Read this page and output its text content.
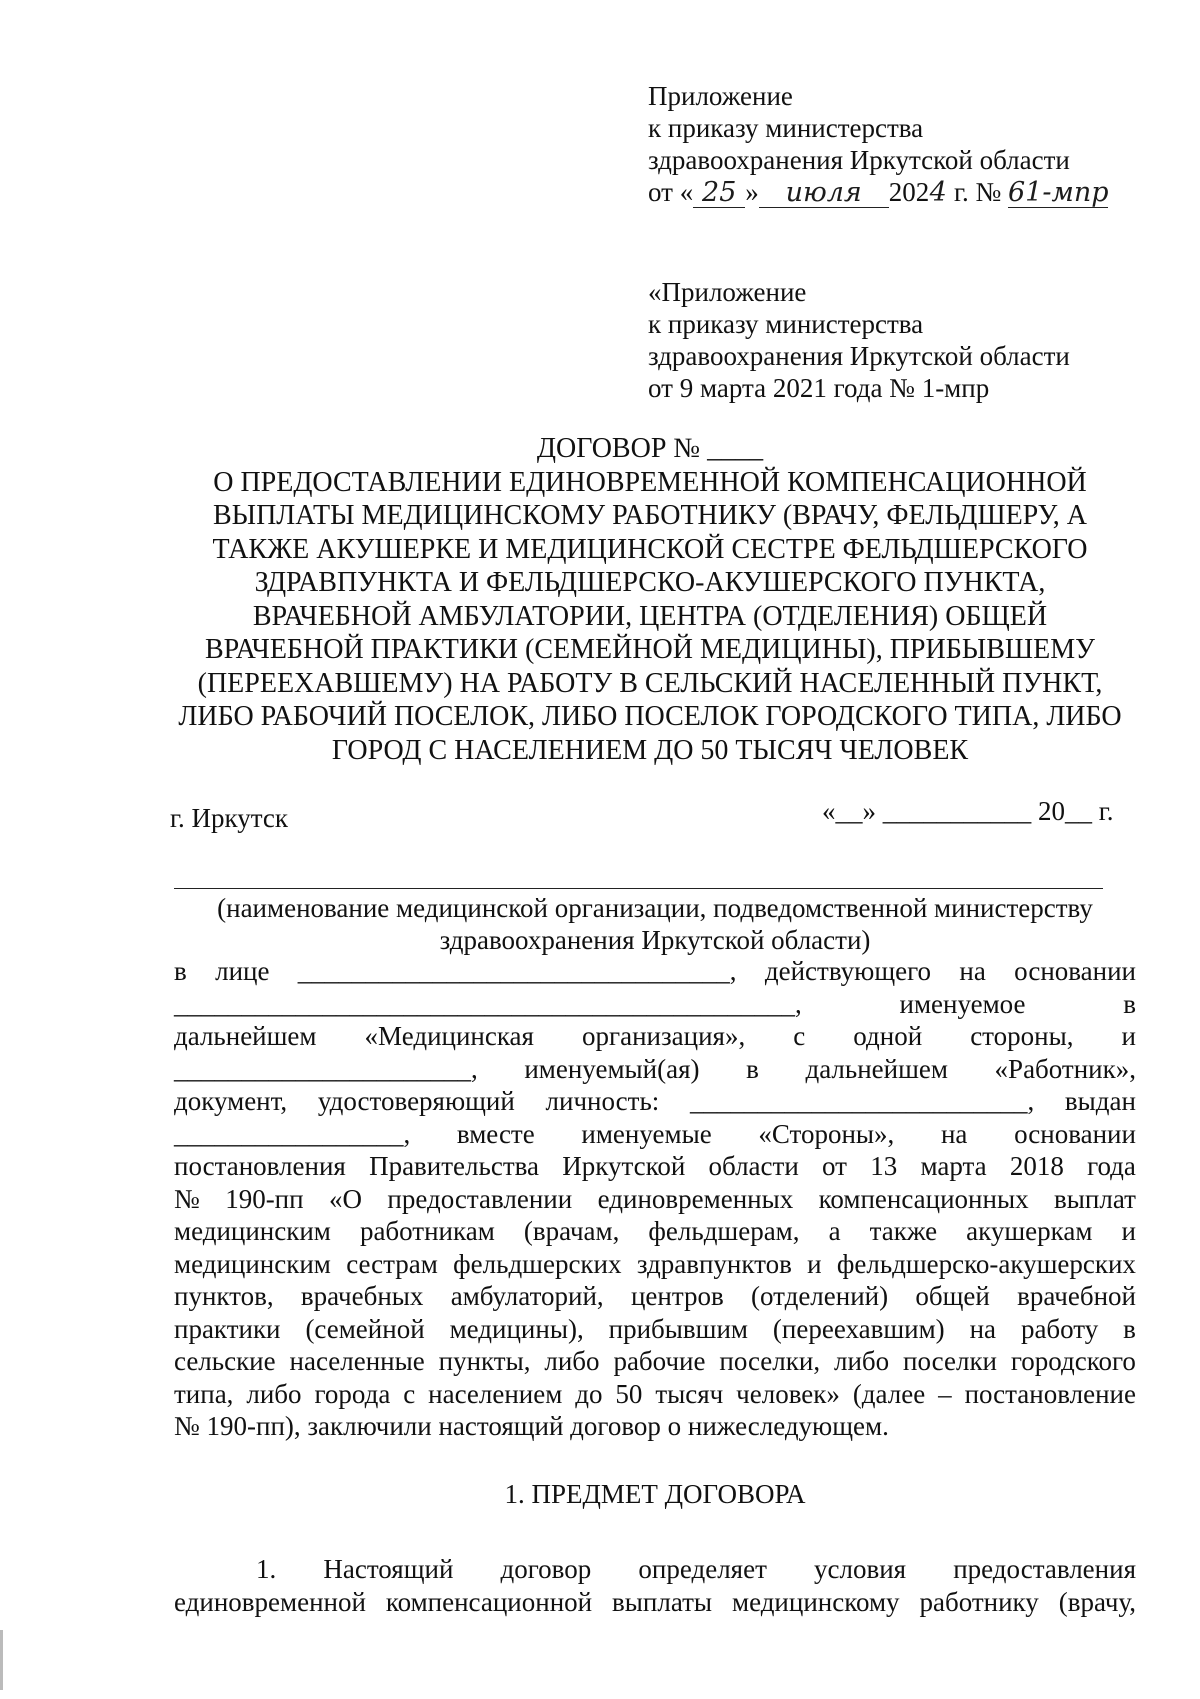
Приложение
к приказу министерства
здравоохранения Иркутской области
от « 25 » июля 2024 г. № 61-мпр
«Приложение
к приказу министерства
здравоохранения Иркутской области
от 9 марта 2021 года № 1-мпр
ДОГОВОР № ____
О ПРЕДОСТАВЛЕНИИ ЕДИНОВРЕМЕННОЙ КОМПЕНСАЦИОННОЙ
ВЫПЛАТЫ МЕДИЦИНСКОМУ РАБОТНИКУ (ВРАЧУ, ФЕЛЬДШЕРУ, А
ТАКЖЕ АКУШЕРКЕ И МЕДИЦИНСКОЙ СЕСТРЕ ФЕЛЬДШЕРСКОГО
ЗДРАВПУНКТА И ФЕЛЬДШЕРСКО-АКУШЕРСКОГО ПУНКТА,
ВРАЧЕБНОЙ АМБУЛАТОРИИ, ЦЕНТРА (ОТДЕЛЕНИЯ) ОБЩЕЙ
ВРАЧЕБНОЙ ПРАКТИКИ (СЕМЕЙНОЙ МЕДИЦИНЫ), ПРИБЫВШЕМУ
(ПЕРЕЕХАВШЕМУ) НА РАБОТУ В СЕЛЬСКИЙ НАСЕЛЕННЫЙ ПУНКТ,
ЛИБО РАБОЧИЙ ПОСЕЛОК, ЛИБО ПОСЕЛОК ГОРОДСКОГО ТИПА, ЛИБО
ГОРОД С НАСЕЛЕНИЕМ ДО 50 ТЫСЯЧ ЧЕЛОВЕК
г. Иркутск	«__» ___________ 20__ г.
(наименование медицинской организации, подведомственной министерству
здравоохранения Иркутской области)
в лице ________________________________, действующего на основании
______________________________________________,	именуемое	в
дальнейшем «Медицинская организация», с одной стороны, и
______________________, именуемый(ая) в дальнейшем «Работник»,
документ, удостоверяющий личность: _________________________, выдан
_________________, вместе именуемые «Стороны», на основании
постановления Правительства Иркутской области от 13 марта 2018 года
№ 190-пп «О предоставлении единовременных компенсационных выплат
медицинским работникам (врачам, фельдшерам, а также акушеркам и
медицинским сестрам фельдшерских здравпунктов и фельдшерско-акушерских
пунктов, врачебных амбулаторий, центров (отделений) общей врачебной
практики (семейной медицины), прибывшим (переехавшим) на работу в
сельские населенные пункты, либо рабочие поселки, либо поселки городского
типа, либо города с населением до 50 тысяч человек» (далее – постановление
№ 190-пп), заключили настоящий договор о нижеследующем.
1. ПРЕДМЕТ ДОГОВОРА
1. Настоящий договор определяет условия предоставления
единовременной компенсационной выплаты медицинскому работнику (врачу,
